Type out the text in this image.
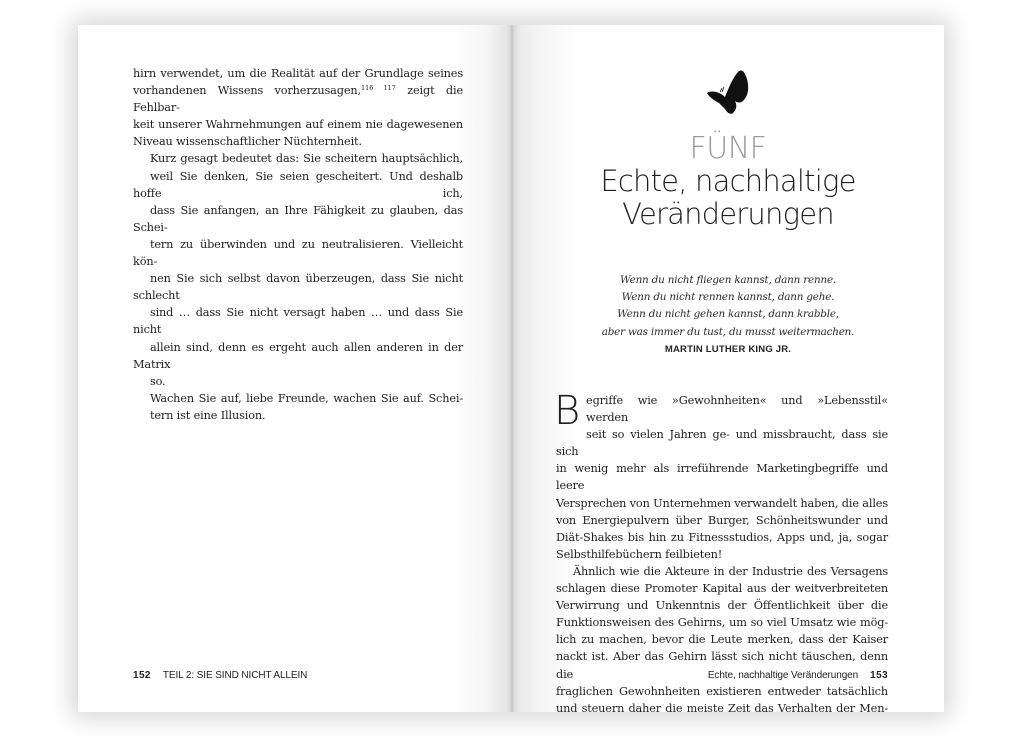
hirn verwendet, um die Realität auf der Grundlage seines
vorhandenen Wissens vorherzusagen,$^{116 117}$ zeigt die Fehlbar-
keit unserer Wahrnehmungen auf einem nie dagewesenen
Niveau wissenschaftlicher Nüchternheit.

Kurz gesagt bedeutet das: Sie scheitern hauptsächlich,
weil Sie denken, Sie seien gescheitert. Und deshalb hoffe ich,
dass Sie anfangen, an Ihre Fähigkeit zu glauben, das Schei-
tern zu überwinden und zu neutralisieren. Vielleicht kön-
nen Sie sich selbst davon überzeugen, dass Sie nicht schlecht
sind … dass Sie nicht versagt haben … und dass Sie nicht
allein sind, denn es ergeht auch allen anderen in der Matrix
so.

Wachen Sie auf, liebe Freunde, wachen Sie auf. Schei-
tern ist eine Illusion.

152 TEIL 2: SIE SIND NICHT ALLEIN
FÜNF
Echte, nachhaltige
Veränderungen
Wenn du nicht fliegen kannst, dann renne.
Wenn du nicht rennen kannst, dann gehe.
Wenn du nicht gehen kannst, dann krabble,
aber was immer du tust, du musst weitermachen.
MARTIN LUTHER KING JR.

B egriffe wie »Gewohnheiten« und »Lebensstil« werden
seit so vielen Jahren ge- und missbraucht, dass sie sich
in wenig mehr als irreführende Marketingbegriffe und leere
Versprechen von Unternehmen verwandelt haben, die alles
von Energiepulvern über Burger, Schönheitswunder und
Diät-Shakes bis hin zu Fitnessstudios, Apps und, ja, sogar
Selbsthilfebüchern feilbieten!

Ähnlich wie die Akteure in der Industrie des Versagens
schlagen diese Promoter Kapital aus der weitverbreiteten
Verwirrung und Unkenntnis der Öffentlichkeit über die
Funktionsweisen des Gehirns, um so viel Umsatz wie mög-
lich zu machen, bevor die Leute merken, dass der Kaiser
nackt ist. Aber das Gehirn lässt sich nicht täuschen, denn die
fraglichen Gewohnheiten existieren entweder tatsächlich
und steuern daher die meiste Zeit das Verhalten der Men-

Echte, nachhaltige Veränderungen 153
